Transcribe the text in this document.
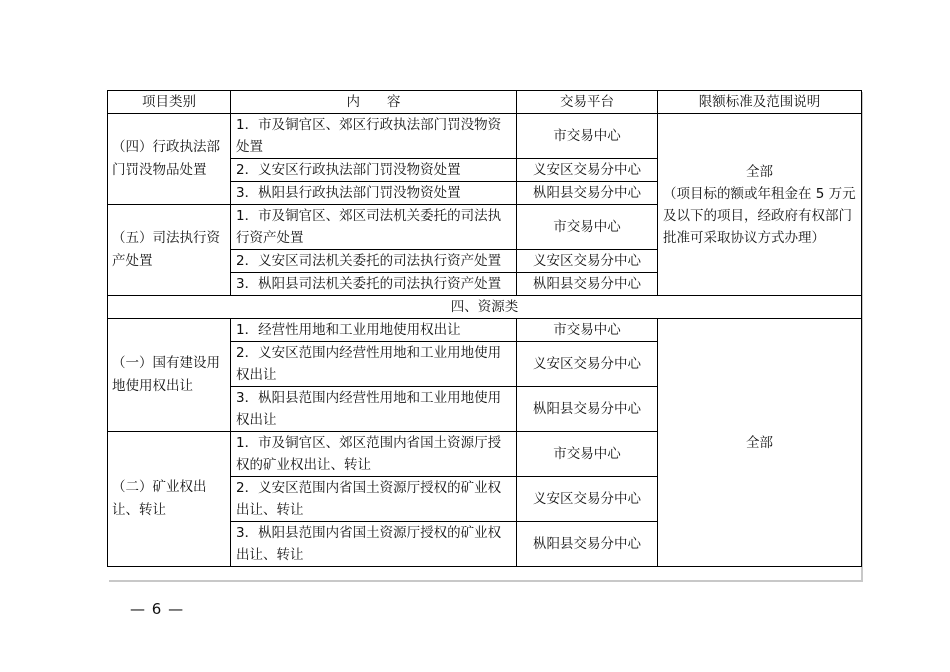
项目类别	内　　容	交易平台	限额标准及范围说明
（四）行政执法部门罚没物品处置	1．市及铜官区、郊区行政执法部门罚没物资处置	市交易中心	全部
（项目标的额或年租金在 5 万元及以下的项目，经政府有权部门批准可采取协议方式办理）

	2．义安区行政执法部门罚没物资处置	义安区交易分中心	
	3．枞阳县行政执法部门罚没物资处置	枞阳县交易分中心	
（五）司法执行资产处置	1．市及铜官区、郊区司法机关委托的司法执行资产处置	市交易中心	
	2．义安区司法机关委托的司法执行资产处置	义安区交易分中心	
	3．枞阳县司法机关委托的司法执行资产处置	枞阳县交易分中心	
四、资源类			
（一）国有建设用地使用权出让	1．经营性用地和工业用地使用权出让	市交易中心	全部
	2．义安区范围内经营性用地和工业用地使用权出让	义安区交易分中心	
	3．枞阳县范围内经营性用地和工业用地使用权出让	枞阳县交易分中心	
（二）矿业权出让、转让	1．市及铜官区、郊区范围内省国土资源厅授权的矿业权出让、转让	市交易中心	
	2．义安区范围内省国土资源厅授权的矿业权出让、转让	义安区交易分中心	
	3．枞阳县范围内省国土资源厅授权的矿业权出让、转让	枞阳县交易分中心	
— 6 —
